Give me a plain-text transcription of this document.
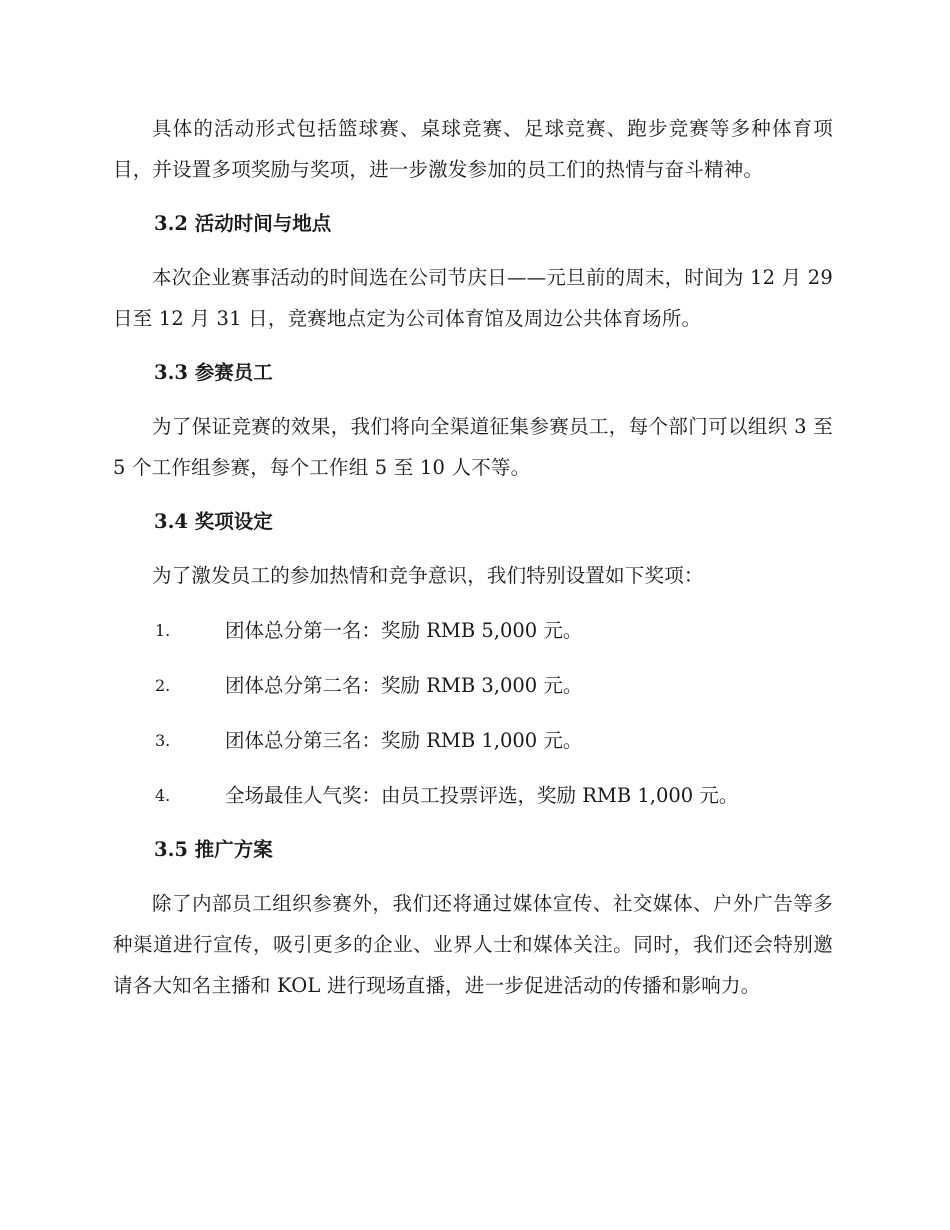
具体的活动形式包括篮球赛、桌球竞赛、足球竞赛、跑步竞赛等多种体育项目，并设置多项奖励与奖项，进一步激发参加的员工们的热情与奋斗精神。

3.2 活动时间与地点

本次企业赛事活动的时间选在公司节庆日——元旦前的周末，时间为 12 月 29 日至 12 月 31 日，竞赛地点定为公司体育馆及周边公共体育场所。

3.3 参赛员工

为了保证竞赛的效果，我们将向全渠道征集参赛员工，每个部门可以组织 3 至 5 个工作组参赛，每个工作组 5 至 10 人不等。

3.4 奖项设定

为了激发员工的参加热情和竞争意识，我们特别设置如下奖项：

1.	团体总分第一名：奖励 RMB 5,000 元。
2.	团体总分第二名：奖励 RMB 3,000 元。
3.	团体总分第三名：奖励 RMB 1,000 元。
4.	全场最佳人气奖：由员工投票评选，奖励 RMB 1,000 元。
3.5 推广方案

除了内部员工组织参赛外，我们还将通过媒体宣传、社交媒体、户外广告等多种渠道进行宣传，吸引更多的企业、业界人士和媒体关注。同时，我们还会特别邀请各大知名主播和 KOL 进行现场直播，进一步促进活动的传播和影响力。
